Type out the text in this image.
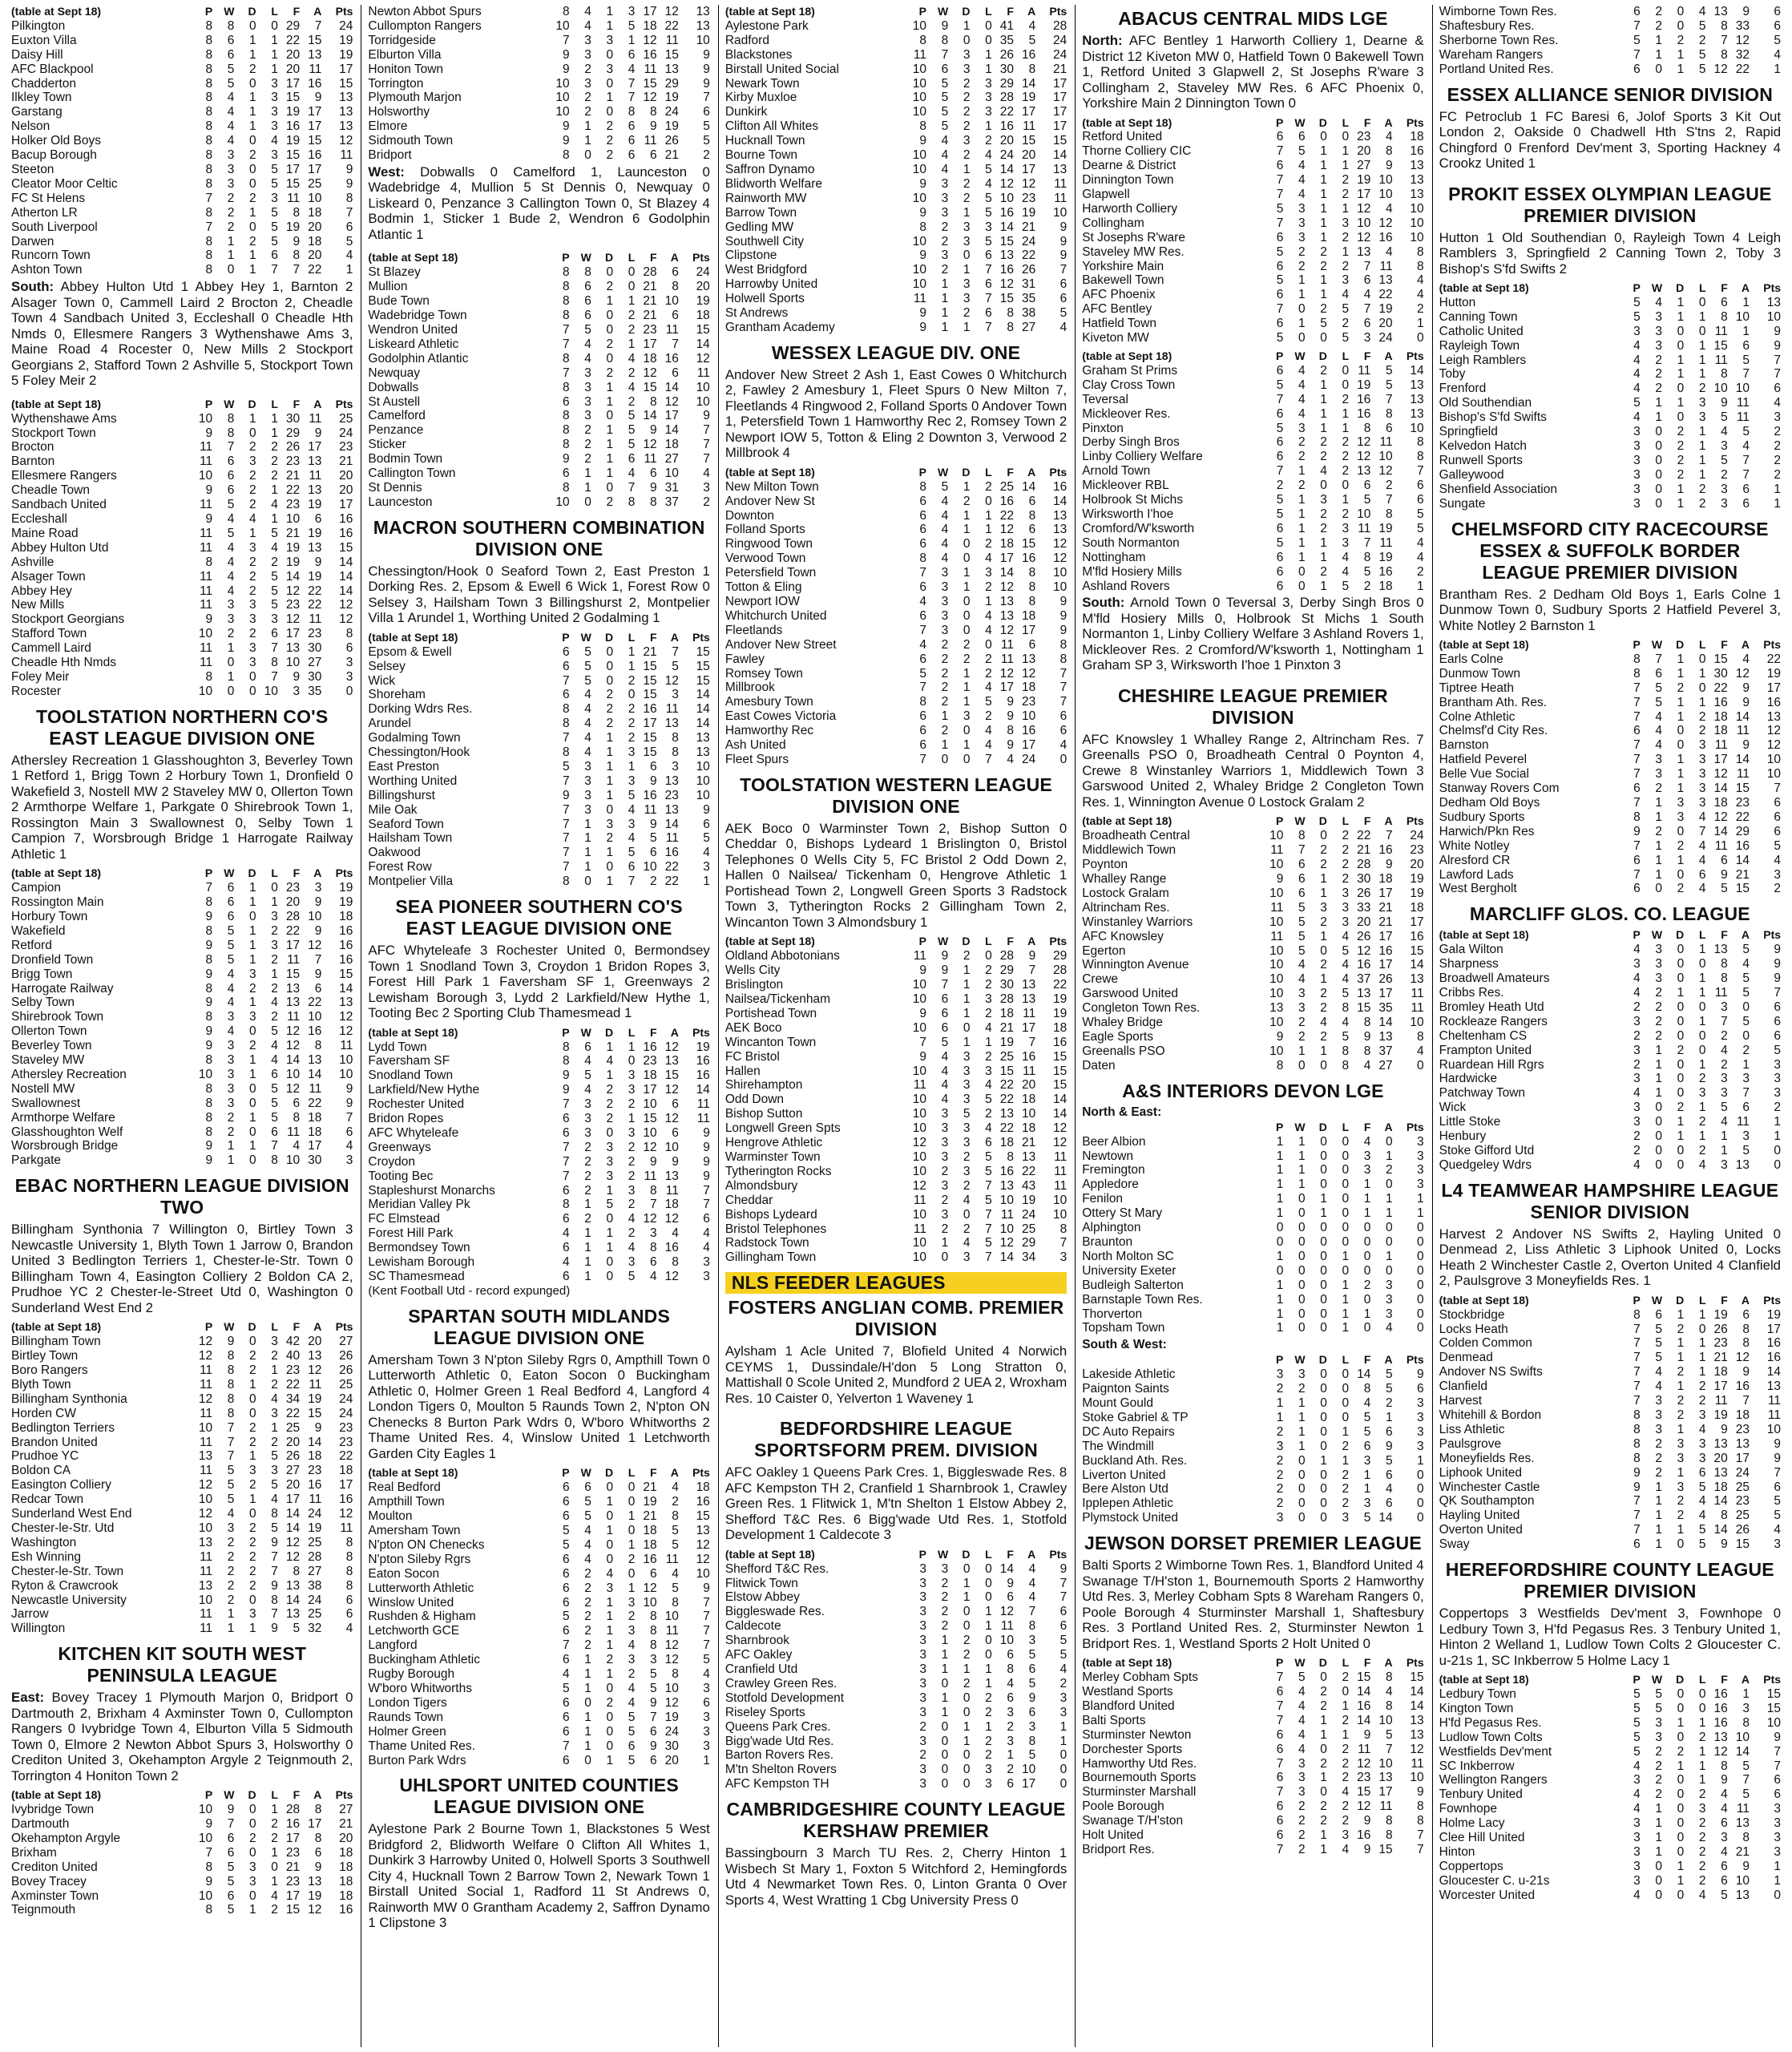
(table at Sept 18)	P	W	D	L	F	A	Pts
Pilkington	8	8	0	0	29	7	24
Euxton Villa	8	6	1	1	22	15	19
Daisy Hill	8	6	1	1	20	13	19
AFC Blackpool	8	5	2	1	20	11	17
Chadderton	8	5	0	3	17	16	15
Ilkley Town	8	4	1	3	15	9	13
Garstang	8	4	1	3	19	17	13
Nelson	8	4	1	3	16	17	13
Holker Old Boys	8	4	0	4	19	15	12
Bacup Borough	8	3	2	3	15	16	11
Steeton	8	3	0	5	17	17	9
Cleator Moor Celtic	8	3	0	5	15	25	9
FC St Helens	7	2	2	3	11	10	8
Atherton LR	8	2	1	5	8	18	7
South Liverpool	7	2	0	5	19	20	6
Darwen	8	1	2	5	9	18	5
Runcorn Town	8	1	1	6	8	20	4
Ashton Town	8	0	1	7	7	22	1
South: Abbey Hulton Utd 1 Abbey Hey 1, Barnton 2 Alsager Town 0, Cammell Laird 2 Brocton 2, Cheadle Town 4 Sandbach United 3, Eccleshall 0 Cheadle Hth Nmds 0, Ellesmere Rangers 3 Wythenshawe Ams 3, Maine Road 4 Rocester 0, New Mills 2 Stockport Georgians 2, Stafford Town 2 Ashville 5, Stockport Town 5 Foley Meir 2
(table at Sept 18)	P	W	D	L	F	A	Pts
Wythenshawe Ams	10	8	1	1	30	11	25
Stockport Town	9	8	0	1	29	9	24
Brocton	11	7	2	2	26	17	23
Barnton	11	6	3	2	23	13	21
Ellesmere Rangers	10	6	2	2	21	11	20
Cheadle Town	9	6	2	1	22	13	20
Sandbach United	11	5	2	4	23	19	17
Eccleshall	9	4	4	1	10	6	16
Maine Road	11	5	1	5	21	19	16
Abbey Hulton Utd	11	4	3	4	19	13	15
Ashville	8	4	2	2	19	9	14
Alsager Town	11	4	2	5	14	19	14
Abbey Hey	11	4	2	5	12	22	14
New Mills	11	3	3	5	23	22	12
Stockport Georgians	9	3	3	3	12	11	12
Stafford Town	10	2	2	6	17	23	8
Cammell Laird	11	1	3	7	13	30	6
Cheadle Hth Nmds	11	0	3	8	10	27	3
Foley Meir	8	1	0	7	9	30	3
Rocester	10	0	0	10	3	35	0
TOOLSTATION NORTHERN CO'S EAST LEAGUE DIVISION ONE
Athersley Recreation 1 Glasshoughton 3, Beverley Town 1 Retford 1, Brigg Town 2 Horbury Town 1, Dronfield 0 Wakefield 3, Nostell MW 2 Staveley MW 0, Ollerton Town 2 Armthorpe Welfare 1, Parkgate 0 Shirebrook Town 1, Rossington Main 3 Swallownest 0, Selby Town 1 Campion 7, Worsbrough Bridge 1 Harrogate Railway Athletic 1
(table at Sept 18)	P	W	D	L	F	A	Pts
Campion	7	6	1	0	23	3	19
Rossington Main	8	6	1	1	20	9	19
Horbury Town	9	6	0	3	28	10	18
Wakefield	8	5	1	2	22	9	16
Retford	9	5	1	3	17	12	16
Dronfield Town	8	5	1	2	11	7	16
Brigg Town	9	4	3	1	15	9	15
Harrogate Railway	8	4	2	2	13	6	14
Selby Town	9	4	1	4	13	22	13
Shirebrook Town	8	3	3	2	11	10	12
Ollerton Town	9	4	0	5	12	16	12
Beverley Town	9	3	2	4	12	8	11
Staveley MW	8	3	1	4	14	13	10
Athersley Recreation	10	3	1	6	10	14	10
Nostell MW	8	3	0	5	12	11	9
Swallownest	8	3	0	5	6	22	9
Armthorpe Welfare	8	2	1	5	8	18	7
Glasshoughton Welf	8	2	0	6	11	18	6
Worsbrough Bridge	9	1	1	7	4	17	4
Parkgate	9	1	0	8	10	30	3
EBAC NORTHERN LEAGUE DIVISION TWO
Billingham Synthonia 7 Willington 0, Birtley Town 3 Newcastle University 1, Blyth Town 1 Jarrow 0, Brandon United 3 Bedlington Terriers 1, Chester-le-Str. Town 0 Billingham Town 4, Easington Colliery 2 Boldon CA 2, Prudhoe YC 2 Chester-le-Street Utd 0, Washington 0 Sunderland West End 2
(table at Sept 18)	P	W	D	L	F	A	Pts
Billingham Town	12	9	0	3	42	20	27
Birtley Town	12	8	2	2	40	13	26
Boro Rangers	11	8	2	1	23	12	26
Blyth Town	11	8	1	2	22	11	25
Billingham Synthonia	12	8	0	4	34	19	24
Horden CW	11	8	0	3	22	15	24
Bedlington Terriers	10	7	2	1	25	9	23
Brandon United	11	7	2	2	20	14	23
Prudhoe YC	13	7	1	5	26	18	22
Boldon CA	11	5	3	3	27	23	18
Easington Colliery	12	5	2	5	20	16	17
Redcar Town	10	5	1	4	17	11	16
Sunderland West End	12	4	0	8	14	24	12
Chester-le-Str. Utd	10	3	2	5	14	19	11
Washington	13	2	2	9	12	25	8
Esh Winning	11	2	2	7	12	28	8
Chester-le-Str. Town	11	2	2	7	8	27	8
Ryton & Crawcrook	13	2	2	9	13	38	8
Newcastle University	10	2	0	8	14	24	6
Jarrow	11	1	3	7	13	25	6
Willington	11	1	1	9	5	32	4
KITCHEN KIT SOUTH WEST PENINSULA LEAGUE
East: Bovey Tracey 1 Plymouth Marjon 0, Bridport 0 Dartmouth 2, Brixham 4 Axminster Town 0, Cullompton Rangers 0 Ivybridge Town 4, Elburton Villa 5 Sidmouth Town 0, Elmore 2 Newton Abbot Spurs 3, Holsworthy 0 Crediton United 3, Okehampton Argyle 2 Teignmouth 2, Torrington 4 Honiton Town 2
(table at Sept 18)	P	W	D	L	F	A	Pts
Ivybridge Town	10	9	0	1	28	8	27
Dartmouth	9	7	0	2	16	17	21
Okehampton Argyle	10	6	2	2	17	8	20
Brixham	7	6	0	1	23	6	18
Crediton United	8	5	3	0	21	9	18
Bovey Tracey	9	5	3	1	23	13	18
Axminster Town	10	6	0	4	17	19	18
Teignmouth	8	5	1	2	15	12	16
Newton Abbot Spurs	8	4	1	3	17	12	13
Cullompton Rangers	10	4	1	5	18	22	13
Torridgeside	7	3	3	1	12	11	10
Elburton Villa	9	3	0	6	16	15	9
Honiton Town	9	2	3	4	11	13	9
Torrington	10	3	0	7	15	29	9
Plymouth Marjon	10	2	1	7	12	19	7
Holsworthy	10	2	0	8	8	24	6
Elmore	9	1	2	6	9	19	5
Sidmouth Town	9	1	2	6	11	26	5
Bridport	8	0	2	6	6	21	2
West: Dobwalls 0 Camelford 1, Launceston 0 Wadebridge 4, Mullion 5 St Dennis 0, Newquay 0 Liskeard 0, Penzance 3 Callington Town 0, St Blazey 4 Bodmin 1, Sticker 1 Bude 2, Wendron 6 Godolphin Atlantic 1
(table at Sept 18)	P	W	D	L	F	A	Pts
St Blazey	8	8	0	0	28	6	24
Mullion	8	6	2	0	21	8	20
Bude Town	8	6	1	1	21	10	19
Wadebridge Town	8	6	0	2	21	6	18
Wendron United	7	5	0	2	23	11	15
Liskeard Athletic	7	4	2	1	17	7	14
Godolphin Atlantic	8	4	0	4	18	16	12
Newquay	7	3	2	2	12	6	11
Dobwalls	8	3	1	4	15	14	10
St Austell	6	3	1	2	8	12	10
Camelford	8	3	0	5	14	17	9
Penzance	8	2	1	5	9	14	7
Sticker	8	2	1	5	12	18	7
Bodmin Town	9	2	1	6	11	27	7
Callington Town	6	1	1	4	6	10	4
St Dennis	8	1	0	7	9	31	3
Launceston	10	0	2	8	8	37	2
MACRON SOUTHERN COMBINATION DIVISION ONE
Chessington/Hook 0 Seaford Town 2, East Preston 1 Dorking Res. 2, Epsom & Ewell 6 Wick 1, Forest Row 0 Selsey 3, Hailsham Town 3 Billingshurst 2, Montpelier Villa 1 Arundel 1, Worthing United 2 Godalming 1
(table at Sept 18)	P	W	D	L	F	A	Pts
Epsom & Ewell	6	5	0	1	21	7	15
Selsey	6	5	0	1	15	5	15
Wick	7	5	0	2	15	12	15
Shoreham	6	4	2	0	15	3	14
Dorking Wdrs Res.	8	4	2	2	16	11	14
Arundel	8	4	2	2	17	13	14
Godalming Town	7	4	1	2	15	8	13
Chessington/Hook	8	4	1	3	15	8	13
East Preston	5	3	1	1	6	3	10
Worthing United	7	3	1	3	9	13	10
Billingshurst	9	3	1	5	16	23	10
Mile Oak	7	3	0	4	11	13	9
Seaford Town	7	1	3	3	9	14	6
Hailsham Town	7	1	2	4	5	11	5
Oakwood	7	1	1	5	6	16	4
Forest Row	7	1	0	6	10	22	3
Montpelier Villa	8	0	1	7	2	22	1
SEA PIONEER SOUTHERN CO'S EAST LEAGUE DIVISION ONE
AFC Whyteleafe 3 Rochester United 0, Bermondsey Town 1 Snodland Town 3, Croydon 1 Bridon Ropes 3, Forest Hill Park 1 Faversham SF 1, Greenways 2 Lewisham Borough 3, Lydd 2 Larkfield/New Hythe 1, Tooting Bec 2 Sporting Club Thamesmead 1
(table at Sept 18)	P	W	D	L	F	A	Pts
Lydd Town	8	6	1	1	16	12	19
Faversham SF	8	4	4	0	23	13	16
Snodland Town	9	5	1	3	18	15	16
Larkfield/New Hythe	9	4	2	3	17	12	14
Rochester United	7	3	2	2	10	6	11
Bridon Ropes	6	3	2	1	15	12	11
AFC Whyteleafe	6	3	0	3	10	6	9
Greenways	7	2	3	2	12	10	9
Croydon	7	2	3	2	9	9	9
Tooting Bec	7	2	3	2	11	13	9
Stapleshurst Monarchs	6	2	1	3	8	11	7
Meridian Valley Pk	8	1	5	2	7	18	7
FC Elmstead	6	2	0	4	12	12	6
Forest Hill Park	4	1	1	2	3	4	4
Bermondsey Town	6	1	1	4	8	16	4
Lewisham Borough	4	1	0	3	6	8	3
SC Thamesmead	6	1	0	5	4	12	3
(Kent Football Utd - record expunged)
SPARTAN SOUTH MIDLANDS LEAGUE DIVISION ONE
Amersham Town 3 N'pton Sileby Rgrs 0, Ampthill Town 0 Lutterworth Athletic 0, Eaton Socon 0 Buckingham Athletic 0, Holmer Green 1 Real Bedford 4, Langford 4 London Tigers 0, Moulton 5 Raunds Town 2, N'pton ON Chenecks 8 Burton Park Wdrs 0, W'boro Whitworths 2 Thame United Res. 4, Winslow United 1 Letchworth Garden City Eagles 1
(table at Sept 18)	P	W	D	L	F	A	Pts
Real Bedford	6	6	0	0	21	4	18
Ampthill Town	6	5	1	0	19	2	16
Moulton	6	5	0	1	21	8	15
Amersham Town	5	4	1	0	18	5	13
N'pton ON Chenecks	5	4	0	1	18	5	12
N'pton Sileby Rgrs	6	4	0	2	16	11	12
Eaton Socon	6	2	4	0	6	4	10
Lutterworth Athletic	6	2	3	1	12	5	9
Winslow United	6	2	1	3	10	8	7
Rushden & Higham	5	2	1	2	8	10	7
Letchworth GCE	6	2	1	3	8	11	7
Langford	7	2	1	4	8	12	7
Buckingham Athletic	6	1	2	3	3	12	5
Rugby Borough	4	1	1	2	5	8	4
W'boro Whitworths	5	1	0	4	5	10	3
London Tigers	6	0	2	4	9	12	6
Raunds Town	6	1	0	5	7	19	3
Holmer Green	6	1	0	5	6	24	3
Thame United Res.	7	1	0	6	9	30	3
Burton Park Wdrs	6	0	1	5	6	20	1
UHLSPORT UNITED COUNTIES LEAGUE DIVISION ONE
Aylestone Park 2 Bourne Town 1, Blackstones 5 West Bridgford 2, Blidworth Welfare 0 Clifton All Whites 1, Dunkirk 3 Harrowby United 0, Holwell Sports 3 Southwell City 4, Hucknall Town 2 Barrow Town 2, Newark Town 1 Birstall United Social 1, Radford 11 St Andrews 0, Rainworth MW 0 Grantham Academy 2, Saffron Dynamo 1 Clipstone 3
(table at Sept 18)	P	W	D	L	F	A	Pts
Aylestone Park	10	9	1	0	41	4	28
Radford	8	8	0	0	35	5	24
Blackstones	11	7	3	1	26	16	24
Birstall United Social	10	6	3	1	30	8	21
Newark Town	10	5	2	3	29	14	17
Kirby Muxloe	10	5	2	3	28	19	17
Dunkirk	10	5	2	3	22	17	17
Clifton All Whites	8	5	2	1	16	11	17
Hucknall Town	9	4	3	2	20	15	15
Bourne Town	10	4	2	4	24	20	14
Saffron Dynamo	10	4	1	5	14	17	13
Blidworth Welfare	9	3	2	4	12	12	11
Rainworth MW	10	3	2	5	10	23	11
Barrow Town	9	3	1	5	16	19	10
Gedling MW	8	2	3	3	14	21	9
Southwell City	10	2	3	5	15	24	9
Clipstone	9	3	0	6	13	22	9
West Bridgford	10	2	1	7	16	26	7
Harrowby United	10	1	3	6	12	31	6
Holwell Sports	11	1	3	7	15	35	6
St Andrews	9	1	2	6	8	38	5
Grantham Academy	9	1	1	7	8	27	4
WESSEX LEAGUE DIV. ONE
Andover New Street 2 Ash 1, East Cowes 0 Whitchurch 2, Fawley 2 Amesbury 1, Fleet Spurs 0 New Milton 7, Fleetlands 4 Ringwood 2, Folland Sports 0 Andover Town 1, Petersfield Town 1 Hamworthy Rec 2, Romsey Town 2 Newport IOW 5, Totton & Eling 2 Downton 3, Verwood 2 Millbrook 4
(table at Sept 18)	P	W	D	L	F	A	Pts
New Milton Town	8	5	1	2	25	14	16
Andover New St	6	4	2	0	16	6	14
Downton	6	4	1	1	22	8	13
Folland Sports	6	4	1	1	12	6	13
Ringwood Town	6	4	0	2	18	15	12
Verwood Town	8	4	0	4	17	16	12
Petersfield Town	7	3	1	3	14	8	10
Totton & Eling	6	3	1	2	12	8	10
Newport IOW	4	3	0	1	13	8	9
Whitchurch United	6	3	0	4	13	18	9
Fleetlands	7	3	0	4	12	17	9
Andover New Street	4	2	2	0	11	6	8
Fawley	6	2	2	2	11	13	8
Romsey Town	5	2	1	2	12	12	7
Millbrook	7	2	1	4	17	18	7
Amesbury Town	8	2	1	5	9	23	7
East Cowes Victoria	6	1	3	2	9	10	6
Hamworthy Rec	6	2	0	4	8	16	6
Ash United	6	1	1	4	9	17	4
Fleet Spurs	7	0	0	7	4	24	0
TOOLSTATION WESTERN LEAGUE DIVISION ONE
AEK Boco 0 Warminster Town 2, Bishop Sutton 0 Cheddar 0, Bishops Lydeard 1 Brislington 0, Bristol Telephones 0 Wells City 5, FC Bristol 2 Odd Down 2, Hallen 0 Nailsea/ Tickenham 0, Hengrove Athletic 1 Portishead Town 2, Longwell Green Sports 3 Radstock Town 3, Tytherington Rocks 2 Gillingham Town 2, Wincanton Town 3 Almondsbury 1
(table at Sept 18)	P	W	D	L	F	A	Pts
Oldland Abbotonians	11	9	2	0	28	9	29
Wells City	9	9	1	2	29	7	28
Brislington	10	7	1	2	30	13	22
Nailsea/Tickenham	10	6	1	3	28	13	19
Portishead Town	9	6	1	2	18	11	19
AEK Boco	10	6	0	4	21	17	18
Wincanton Town	7	5	1	1	19	7	16
FC Bristol	9	4	3	2	25	16	15
Hallen	10	4	3	3	15	11	15
Shirehampton	11	4	3	4	22	20	15
Odd Down	10	4	3	5	22	18	14
Bishop Sutton	10	3	5	2	13	10	14
Longwell Green Spts	10	3	3	4	22	18	12
Hengrove Athletic	12	3	3	6	18	21	12
Warminster Town	10	3	2	5	8	13	11
Tytherington Rocks	10	2	3	5	16	22	11
Almondsbury	12	3	2	7	13	43	11
Cheddar	11	2	4	5	10	19	10
Bishops Lydeard	10	3	0	7	11	24	10
Bristol Telephones	11	2	2	7	10	25	8
Radstock Town	10	1	4	5	12	29	7
Gillingham Town	10	0	3	7	14	34	3
NLS FEEDER LEAGUES
FOSTERS ANGLIAN COMB. PREMIER DIVISION
Aylsham 1 Acle United 7, Blofield United 4 Norwich CEYMS 1, Dussindale/H'don 5 Long Stratton 0, Mattishall 0 Scole United 2, Mundford 2 UEA 2, Wroxham Res. 10 Caister 0, Yelverton 1 Waveney 1
BEDFORDSHIRE LEAGUE SPORTSFORM PREM. DIVISION
AFC Oakley 1 Queens Park Cres. 1, Biggleswade Res. 8 AFC Kempston TH 2, Cranfield 1 Sharnbrook 1, Crawley Green Res. 1 Flitwick 1, M'tn Shelton 1 Elstow Abbey 2, Shefford T&C Res. 6 Bigg'wade Utd Res. 1, Stotfold Development 1 Caldecote 3
(table at Sept 18)	P	W	D	L	F	A	Pts
Shefford T&C Res.	3	3	0	0	14	4	9
Flitwick Town	3	2	1	0	9	4	7
Elstow Abbey	3	2	1	0	6	4	7
Biggleswade Res.	3	2	0	1	12	7	6
Caldecote	3	2	0	1	11	8	6
Sharnbrook	3	1	2	0	10	3	5
AFC Oakley	3	1	2	0	6	5	5
Cranfield Utd	3	1	1	1	8	6	4
Crawley Green Res.	3	0	2	1	4	5	2
Stotfold Development	3	1	0	2	6	9	3
Riseley Sports	3	1	0	2	3	6	3
Queens Park Cres.	2	0	1	1	2	3	1
Bigg'wade Utd Res.	3	0	1	2	3	8	1
Barton Rovers Res.	2	0	0	2	1	5	0
M'tn Shelton Rovers	3	0	0	3	2	10	0
AFC Kempston TH	3	0	0	3	6	17	0
CAMBRIDGESHIRE COUNTY LEAGUE KERSHAW PREMIER
Bassingbourn 3 March TU Res. 2, Cherry Hinton 1 Wisbech St Mary 1, Foxton 5 Witchford 2, Hemingfords Utd 4 Newmarket Town Res. 0, Linton Granta 0 Over Sports 4, West Wratting 1 Cbg University Press 0
ABACUS CENTRAL MIDS LGE
North: AFC Bentley 1 Harworth Colliery 1, Dearne & District 12 Kiveton MW 0, Hatfield Town 0 Bakewell Town 1, Retford United 3 Glapwell 2, St Josephs R'ware 3 Collingham 2, Staveley MW Res. 6 AFC Phoenix 0, Yorkshire Main 2 Dinnington Town 0
(table at Sept 18)	P	W	D	L	F	A	Pts
Retford United	6	6	0	0	23	4	18
Thorne Colliery CIC	7	5	1	1	20	8	16
Dearne & District	6	4	1	1	27	9	13
Dinnington Town	7	4	1	2	19	10	13
Glapwell	7	4	1	2	17	10	13
Harworth Colliery	5	3	1	1	12	4	10
Collingham	7	3	1	3	10	12	10
St Josephs R'ware	6	3	1	2	12	16	10
Staveley MW Res.	5	2	2	1	13	4	8
Yorkshire Main	6	2	2	2	7	11	8
Bakewell Town	5	1	1	3	6	13	4
AFC Phoenix	6	1	1	4	4	22	4
AFC Bentley	7	0	2	5	7	19	2
Hatfield Town	6	1	5	2	6	20	1
Kiveton MW	5	0	0	5	3	24	0
(table at Sept 18)	P	W	D	L	F	A	Pts
Graham St Prims	6	4	2	0	11	5	14
Clay Cross Town	5	4	1	0	19	5	13
Teversal	7	4	1	2	16	7	13
Mickleover Res.	6	4	1	1	16	8	13
Pinxton	5	3	1	1	8	6	10
Derby Singh Bros	6	2	2	2	12	11	8
Linby Colliery Welfare	6	2	2	2	12	10	8
Arnold Town	7	1	4	2	13	12	7
Mickleover RBL	2	2	0	0	6	2	6
Holbrook St Michs	5	1	3	1	5	7	6
Wirksworth I'hoe	5	1	2	2	10	8	5
Cromford/W'ksworth	6	1	2	3	11	19	5
South Normanton	5	1	1	3	7	11	4
Nottingham	6	1	1	4	8	19	4
M'fld Hosiery Mills	6	0	2	4	5	16	2
Ashland Rovers	6	0	1	5	2	18	1
South: Arnold Town 0 Teversal 3, Derby Singh Bros 0 M'fld Hosiery Mills 0, Holbrook St Michs 1 South Normanton 1, Linby Colliery Welfare 3 Ashland Rovers 1, Mickleover Res. 2 Cromford/W'ksworth 1, Nottingham 1 Graham SP 3, Wirksworth I'hoe 1 Pinxton 3
CHESHIRE LEAGUE PREMIER DIVISION
AFC Knowsley 1 Whalley Range 2, Altrincham Res. 7 Greenalls PSO 0, Broadheath Central 0 Poynton 4, Crewe 8 Winstanley Warriors 1, Middlewich Town 3 Garswood United 2, Whaley Bridge 2 Congleton Town Res. 1, Winnington Avenue 0 Lostock Gralam 2
(table at Sept 18)	P	W	D	L	F	A	Pts
Broadheath Central	10	8	0	2	22	7	24
Middlewich Town	11	7	2	2	21	16	23
Poynton	10	6	2	2	28	9	20
Whalley Range	9	6	1	2	30	18	19
Lostock Gralam	10	6	1	3	26	17	19
Altrincham Res.	11	5	3	3	33	21	18
Winstanley Warriors	10	5	2	3	20	21	17
AFC Knowsley	11	5	1	4	26	17	16
Egerton	10	5	0	5	12	16	15
Winnington Avenue	10	4	2	4	16	17	14
Crewe	10	4	1	4	37	26	13
Garswood United	10	3	2	5	13	17	11
Congleton Town Res.	13	3	2	8	15	35	11
Whaley Bridge	10	2	4	4	8	14	10
Eagle Sports	9	2	2	5	9	13	8
Greenalls PSO	10	1	1	8	8	37	4
Daten	8	0	0	8	4	27	0
A&S INTERIORS DEVON LGE
North & East:
	P	W	D	L	F	A	Pts
Beer Albion	1	1	0	0	4	0	3
Newtown	1	1	0	0	3	1	3
Fremington	1	1	0	0	3	2	3
Appledore	1	1	0	0	1	0	3
Fenilon	1	0	1	0	1	1	1
Ottery St Mary	1	0	1	0	1	1	1
Alphington	0	0	0	0	0	0	0
Braunton	0	0	0	0	0	0	0
North Molton SC	1	0	0	1	0	1	0
University Exeter	0	0	0	0	0	0	0
Budleigh Salterton	1	0	0	1	2	3	0
Barnstaple Town Res.	1	0	0	1	0	3	0
Thorverton	1	0	0	1	1	3	0
Topsham Town	1	0	0	1	0	4	0
South & West:
	P	W	D	L	F	A	Pts
Lakeside Athletic	3	3	0	0	14	5	9
Paignton Saints	2	2	0	0	8	5	6
Mount Gould	1	1	0	0	4	2	3
Stoke Gabriel & TP	1	1	0	0	5	1	3
DC Auto Repairs	2	1	0	1	5	6	3
The Windmill	3	1	0	2	6	9	3
Buckland Ath. Res.	2	0	1	1	3	5	1
Liverton United	2	0	0	2	1	6	0
Bere Alston Utd	2	0	0	2	1	4	0
Ipplepen Athletic	2	0	0	2	3	6	0
Plymstock United	3	0	0	3	5	14	0
JEWSON DORSET PREMIER LEAGUE
Balti Sports 2 Wimborne Town Res. 1, Blandford United 4 Swanage T/H'ston 1, Bournemouth Sports 2 Hamworthy Utd Res. 3, Merley Cobham Spts 8 Wareham Rangers 0, Poole Borough 4 Sturminster Marshall 1, Shaftesbury Res. 3 Portland United Res. 2, Sturminster Newton 1 Bridport Res. 1, Westland Sports 2 Holt United 0
(table at Sept 18)	P	W	D	L	F	A	Pts
Merley Cobham Spts	7	5	0	2	15	8	15
Westland Sports	6	4	2	0	14	4	14
Blandford United	7	4	2	1	16	8	14
Balti Sports	7	4	1	2	14	10	13
Sturminster Newton	6	4	1	1	9	5	13
Dorchester Sports	6	4	0	2	11	7	12
Hamworthy Utd Res.	7	3	2	2	12	10	11
Bournemouth Sports	6	3	1	2	23	13	10
Sturminster Marshall	7	3	0	4	15	17	9
Poole Borough	6	2	2	2	12	11	8
Swanage T/H'ston	6	2	2	2	9	8	8
Holt United	6	2	1	3	16	8	7
Bridport Res.	7	2	1	4	9	15	7
Wimborne Town Res.	6	2	0	4	13	9	6
Shaftesbury Res.	7	2	0	5	8	33	6
Sherborne Town Res.	5	1	2	2	7	12	5
Wareham Rangers	7	1	1	5	8	32	4
Portland United Res.	6	0	1	5	12	22	1
ESSEX ALLIANCE SENIOR DIVISION
FC Petroclub 1 FC Baresi 6, Jolof Sports 3 Kit Out London 2, Oakside 0 Chadwell Hth S'tns 2, Rapid Chingford 0 Frenford Dev'ment 3, Sporting Hackney 4 Crookz United 1
PROKIT ESSEX OLYMPIAN LEAGUE PREMIER DIVISION
Hutton 1 Old Southendian 0, Rayleigh Town 4 Leigh Ramblers 3, Springfield 2 Canning Town 2, Toby 3 Bishop's S'fd Swifts 2
(table at Sept 18)	P	W	D	L	F	A	Pts
Hutton	5	4	1	0	6	1	13
Canning Town	5	3	1	1	8	10	10
Catholic United	3	3	0	0	11	1	9
Rayleigh Town	4	3	0	1	15	6	9
Leigh Ramblers	4	2	1	1	11	5	7
Toby	4	2	1	1	8	7	7
Frenford	4	2	0	2	10	10	6
Old Southendian	5	1	1	3	9	11	4
Bishop's S'fd Swifts	4	1	0	3	5	11	3
Springfield	3	0	2	1	4	5	2
Kelvedon Hatch	3	0	2	1	3	4	2
Runwell Sports	3	0	2	1	5	7	2
Galleywood	3	0	2	1	2	7	2
Shenfield Association	3	0	1	2	3	6	1
Sungate	3	0	1	2	3	6	1
CHELMSFORD CITY RACECOURSE ESSEX & SUFFOLK BORDER LEAGUE PREMIER DIVISION
Brantham Res. 2 Dedham Old Boys 1, Earls Colne 1 Dunmow Town 0, Sudbury Sports 2 Hatfield Peverel 3, White Notley 2 Barnston 1
(table at Sept 18)	P	W	D	L	F	A	Pts
Earls Colne	8	7	1	0	15	4	22
Dunmow Town	8	6	1	1	30	12	19
Tiptree Heath	7	5	2	0	22	9	17
Brantham Ath. Res.	7	5	1	1	16	9	16
Colne Athletic	7	4	1	2	18	14	13
Chelmsf'd City Res.	6	4	0	2	18	11	12
Barnston	7	4	0	3	11	9	12
Hatfield Peverel	7	3	1	3	17	14	10
Belle Vue Social	7	3	1	3	12	11	10
Stanway Rovers Com	6	2	1	3	14	15	7
Dedham Old Boys	7	1	3	3	18	23	6
Sudbury Sports	8	1	3	4	12	22	6
Harwich/Pkn Res	9	2	0	7	14	29	6
White Notley	7	1	2	4	11	16	5
Alresford CR	6	1	1	4	6	14	4
Lawford Lads	7	1	0	6	9	21	3
West Bergholt	6	0	2	4	5	15	2
MARCLIFF GLOS. CO. LEAGUE
(table at Sept 18)	P	W	D	L	F	A	Pts
Gala Wilton	4	3	0	1	13	5	9
Sharpness	3	3	0	0	8	4	9
Broadwell Amateurs	4	3	0	1	8	5	9
Cribbs Res.	4	2	1	1	11	5	7
Bromley Heath Utd	2	2	0	0	3	0	6
Rockleaze Rangers	3	2	0	1	7	5	6
Cheltenham CS	2	2	0	0	2	0	6
Frampton United	3	1	2	0	4	2	5
Ruardean Hill Rgrs	2	1	0	1	2	1	3
Hardwicke	3	1	0	2	3	3	3
Patchway Town	4	1	0	3	3	7	3
Wick	3	0	2	1	5	6	2
Little Stoke	3	0	1	2	4	11	1
Henbury	2	0	1	1	1	3	1
Stoke Gifford Utd	2	0	0	2	1	5	0
Quedgeley Wdrs	4	0	0	4	3	13	0
L4 TEAMWEAR HAMPSHIRE LEAGUE SENIOR DIVISION
Harvest 2 Andover NS Swifts 2, Hayling United 0 Denmead 2, Liss Athletic 3 Liphook United 0, Locks Heath 2 Winchester Castle 2, Overton United 4 Clanfield 2, Paulsgrove 3 Moneyfields Res. 1
(table at Sept 18)	P	W	D	L	F	A	Pts
Stockbridge	8	6	1	1	19	6	19
Locks Heath	7	5	2	0	26	8	17
Colden Common	7	5	1	1	23	8	16
Denmead	7	5	1	1	21	12	16
Andover NS Swifts	7	4	2	1	18	9	14
Clanfield	7	4	1	2	17	16	13
Harvest	7	3	2	2	11	7	11
Whitehill & Bordon	8	3	2	3	19	18	11
Liss Athletic	8	3	1	4	9	23	10
Paulsgrove	8	2	3	3	13	13	9
Moneyfields Res.	8	2	3	3	20	17	9
Liphook United	9	2	1	6	13	24	7
Winchester Castle	9	1	3	5	18	25	6
QK Southampton	7	1	2	4	14	23	5
Hayling United	7	1	2	4	8	25	5
Overton United	7	1	1	5	14	26	4
Sway	6	1	0	5	9	15	3
HEREFORDSHIRE COUNTY LEAGUE PREMIER DIVISION
Coppertops 3 Westfields Dev'ment 3, Fownhope 0 Ledbury Town 3, H'fd Pegasus Res. 3 Tenbury United 1, Hinton 2 Welland 1, Ludlow Town Colts 2 Gloucester C. u-21s 1, SC Inkberrow 5 Holme Lacy 1
(table at Sept 18)	P	W	D	L	F	A	Pts
Ledbury Town	5	5	0	0	16	1	15
Kington Town	5	5	0	0	16	3	15
H'fd Pegasus Res.	5	3	1	1	16	8	10
Ludlow Town Colts	5	3	0	2	13	10	9
Westfields Dev'ment	5	2	2	1	12	14	7
SC Inkberrow	4	2	1	1	8	5	7
Wellington Rangers	3	2	0	1	9	7	6
Tenbury United	4	2	0	2	4	5	6
Fownhope	4	1	0	3	4	11	3
Holme Lacy	3	1	0	2	6	13	3
Clee Hill United	3	1	0	2	3	8	3
Hinton	3	1	0	2	4	21	3
Coppertops	3	0	1	2	6	9	1
Gloucester C. u-21s	3	0	1	2	6	10	1
Worcester United	4	0	0	4	5	13	0
